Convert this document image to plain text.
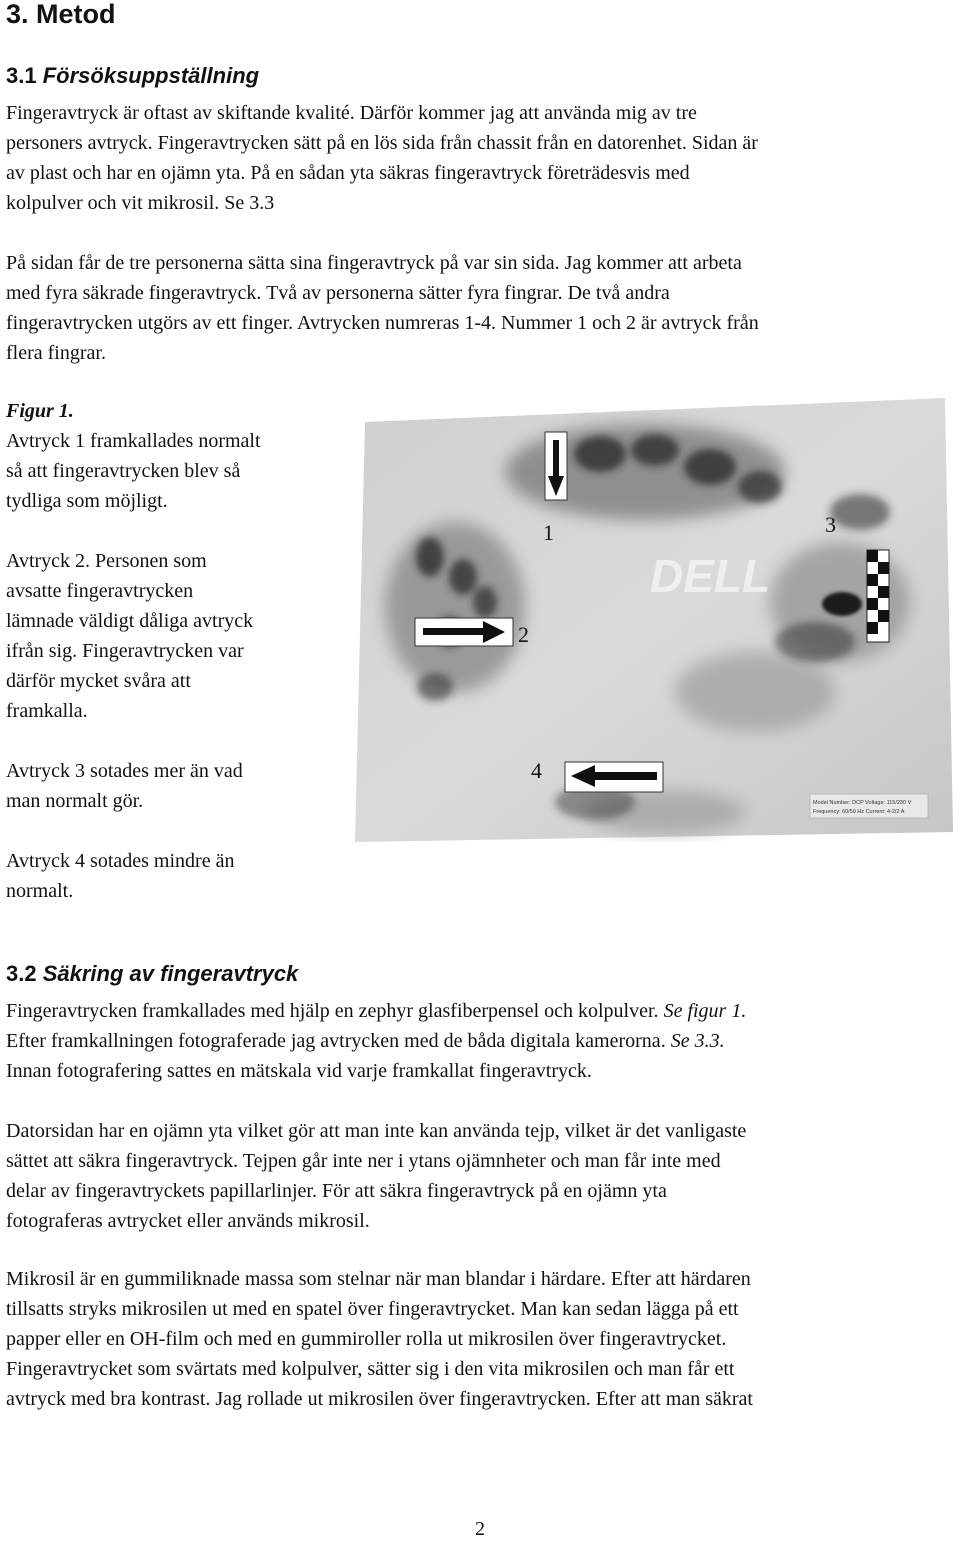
3. Metod
3.1 Försöksuppställning
Fingeravtryck är oftast av skiftande kvalité. Därför kommer jag att använda mig av tre
personers avtryck. Fingeravtrycken sätt på en lös sida från chassit från en datorenhet. Sidan är
av plast och har en ojämn yta. På en sådan yta säkras fingeravtryck företrädesvis med
kolpulver och vit mikrosil. Se 3.3
På sidan får de tre personerna sätta sina fingeravtryck på var sin sida. Jag kommer att arbeta
med fyra säkrade fingeravtryck. Två av personerna sätter fyra fingrar. De två andra
fingeravtrycken utgörs av ett finger. Avtrycken numreras 1-4. Nummer 1 och 2 är avtryck från
flera fingrar.
Figur 1.
Avtryck 1 framkallades normalt
så att fingeravtrycken blev så
tydliga som möjligt.
Avtryck 2. Personen som
avsatte fingeravtrycken
lämnade väldigt dåliga avtryck
ifrån sig. Fingeravtrycken var
därför mycket svåra att
framkalla.
Avtryck 3 sotades mer än vad
man normalt gör.
Avtryck 4 sotades mindre än
normalt.
DELL
Model Number: DCP Voltage: 115/230 V
Frequency: 60/50 Hz Current: 4-2/2 A
1
2
3
4
3.2 Säkring av fingeravtryck
Fingeravtrycken framkallades med hjälp en zephyr glasfiberpensel och kolpulver. Se figur 1.
Efter framkallningen fotograferade jag avtrycken med de båda digitala kamerorna. Se 3.3.
Innan fotografering sattes en mätskala vid varje framkallat fingeravtryck.
Datorsidan har en ojämn yta vilket gör att man inte kan använda tejp, vilket är det vanligaste
sättet att säkra fingeravtryck. Tejpen går inte ner i ytans ojämnheter och man får inte med
delar av fingeravtryckets papillarlinjer. För att säkra fingeravtryck på en ojämn yta
fotograferas avtrycket eller används mikrosil.
Mikrosil är en gummiliknade massa som stelnar när man blandar i härdare. Efter att härdaren
tillsatts stryks mikrosilen ut med en spatel över fingeravtrycket. Man kan sedan lägga på ett
papper eller en OH-film och med en gummiroller rolla ut mikrosilen över fingeravtrycket.
Fingeravtrycket som svärtats med kolpulver, sätter sig i den vita mikrosilen och man får ett
avtryck med bra kontrast. Jag rollade ut mikrosilen över fingeravtrycken. Efter att man säkrat
2
